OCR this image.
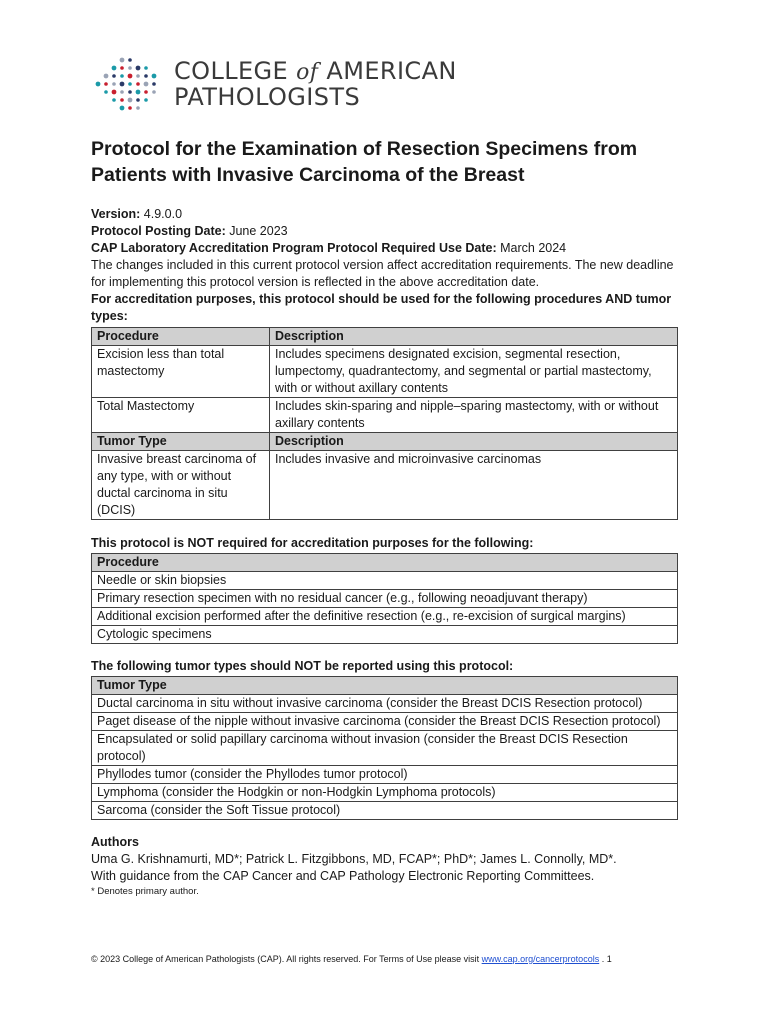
COLLEGE of AMERICAN
PATHOLOGISTS
Protocol for the Examination of Resection Specimens from Patients with Invasive Carcinoma of the Breast

Version: 4.9.0.0

Protocol Posting Date: June 2023

CAP Laboratory Accreditation Program Protocol Required Use Date: March 2024

The changes included in this current protocol version affect accreditation requirements. The new deadline for implementing this protocol version is reflected in the above accreditation date.

For accreditation purposes, this protocol should be used for the following procedures AND tumor types:

Procedure	Description
Excision less than total mastectomy	Includes specimens designated excision, segmental resection, lumpectomy, quadrantectomy, and segmental or partial mastectomy, with or without axillary contents
Total Mastectomy	Includes skin-sparing and nipple–sparing mastectomy, with or without axillary contents
Tumor Type	Description
Invasive breast carcinoma of any type, with or without ductal carcinoma in situ (DCIS)	Includes invasive and microinvasive carcinomas

This protocol is NOT required for accreditation purposes for the following:

Procedure
Needle or skin biopsies
Primary resection specimen with no residual cancer (e.g., following neoadjuvant therapy)
Additional excision performed after the definitive resection (e.g., re-excision of surgical margins)
Cytologic specimens

The following tumor types should NOT be reported using this protocol:

Tumor Type
Ductal carcinoma in situ without invasive carcinoma (consider the Breast DCIS Resection protocol)
Paget disease of the nipple without invasive carcinoma (consider the Breast DCIS Resection protocol)
Encapsulated or solid papillary carcinoma without invasion (consider the Breast DCIS Resection protocol)
Phyllodes tumor (consider the Phyllodes tumor protocol)
Lymphoma (consider the Hodgkin or non-Hodgkin Lymphoma protocols)
Sarcoma (consider the Soft Tissue protocol)

Authors

Uma G. Krishnamurti, MD*; Patrick L. Fitzgibbons, MD, FCAP*; PhD*; James L. Connolly, MD*.

With guidance from the CAP Cancer and CAP Pathology Electronic Reporting Committees.

* Denotes primary author.

© 2023 College of American Pathologists (CAP). All rights reserved. For Terms of Use please visit www.cap.org/cancerprotocols . 1
